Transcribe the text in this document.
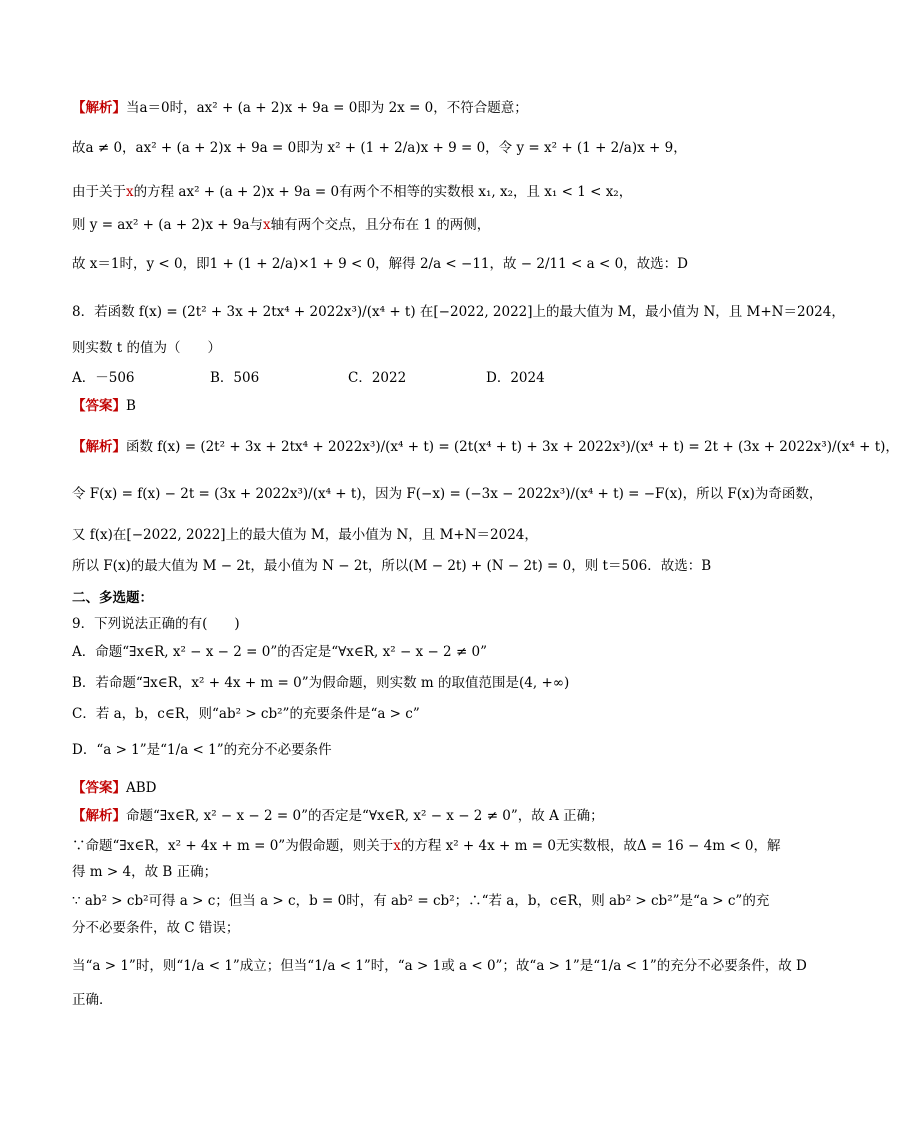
【解析】当a＝0时，ax² + (a + 2)x + 9a = 0即为 2x = 0，不符合题意；
故a ≠ 0，ax² + (a + 2)x + 9a = 0即为 x² + (1 + 2/a)x + 9 = 0，令 y = x² + (1 + 2/a)x + 9，
由于关于x的方程 ax² + (a + 2)x + 9a = 0有两个不相等的实数根 x₁, x₂，且 x₁ < 1 < x₂，
则 y = ax² + (a + 2)x + 9a与x轴有两个交点，且分布在 1 的两侧，
故 x＝1时，y < 0，即1 + (1 + 2/a)×1 + 9 < 0，解得 2/a < −11，故 − 2/11 < a < 0，故选：D
8．若函数 f(x) = (2t² + 3x + 2tx⁴ + 2022x³)/(x⁴ + t) 在[−2022, 2022]上的最大值为 M，最小值为 N，且 M+N＝2024，
则实数 t 的值为（　　）
A．－506	B．506	C．2022	D．2024
【答案】B
【解析】函数 f(x) = (2t² + 3x + 2tx⁴ + 2022x³)/(x⁴ + t) = (2t(x⁴ + t) + 3x + 2022x³)/(x⁴ + t) = 2t + (3x + 2022x³)/(x⁴ + t)，
令 F(x) = f(x) − 2t = (3x + 2022x³)/(x⁴ + t)，因为 F(−x) = (−3x − 2022x³)/(x⁴ + t) = −F(x)，所以 F(x)为奇函数，
又 f(x)在[−2022, 2022]上的最大值为 M，最小值为 N，且 M+N＝2024，
所以 F(x)的最大值为 M − 2t，最小值为 N − 2t，所以(M − 2t) + (N − 2t) = 0，则 t＝506．故选：B
二、多选题：
9．下列说法正确的有(　　)
A．命题“∃x∈R, x² − x − 2 = 0”的否定是“∀x∈R, x² − x − 2 ≠ 0”
B．若命题“∃x∈R，x² + 4x + m = 0”为假命题，则实数 m 的取值范围是(4, +∞)
C．若 a，b，c∈R，则“ab² > cb²”的充要条件是“a > c”
D．“a > 1”是“1/a < 1”的充分不必要条件
【答案】ABD
【解析】命题“∃x∈R, x² − x − 2 = 0”的否定是“∀x∈R, x² − x − 2 ≠ 0”，故 A 正确；
∵命题“∃x∈R，x² + 4x + m = 0”为假命题，则关于x的方程 x² + 4x + m = 0无实数根，故Δ = 16 − 4m < 0，解
得 m > 4，故 B 正确；
∵ ab² > cb²可得 a > c；但当 a > c，b = 0时，有 ab² = cb²；∴“若 a，b，c∈R，则 ab² > cb²”是“a > c”的充
分不必要条件，故 C 错误；
当“a > 1”时，则“1/a < 1”成立；但当“1/a < 1”时，“a > 1或 a < 0”；故“a > 1”是“1/a < 1”的充分不必要条件，故 D
正确．
